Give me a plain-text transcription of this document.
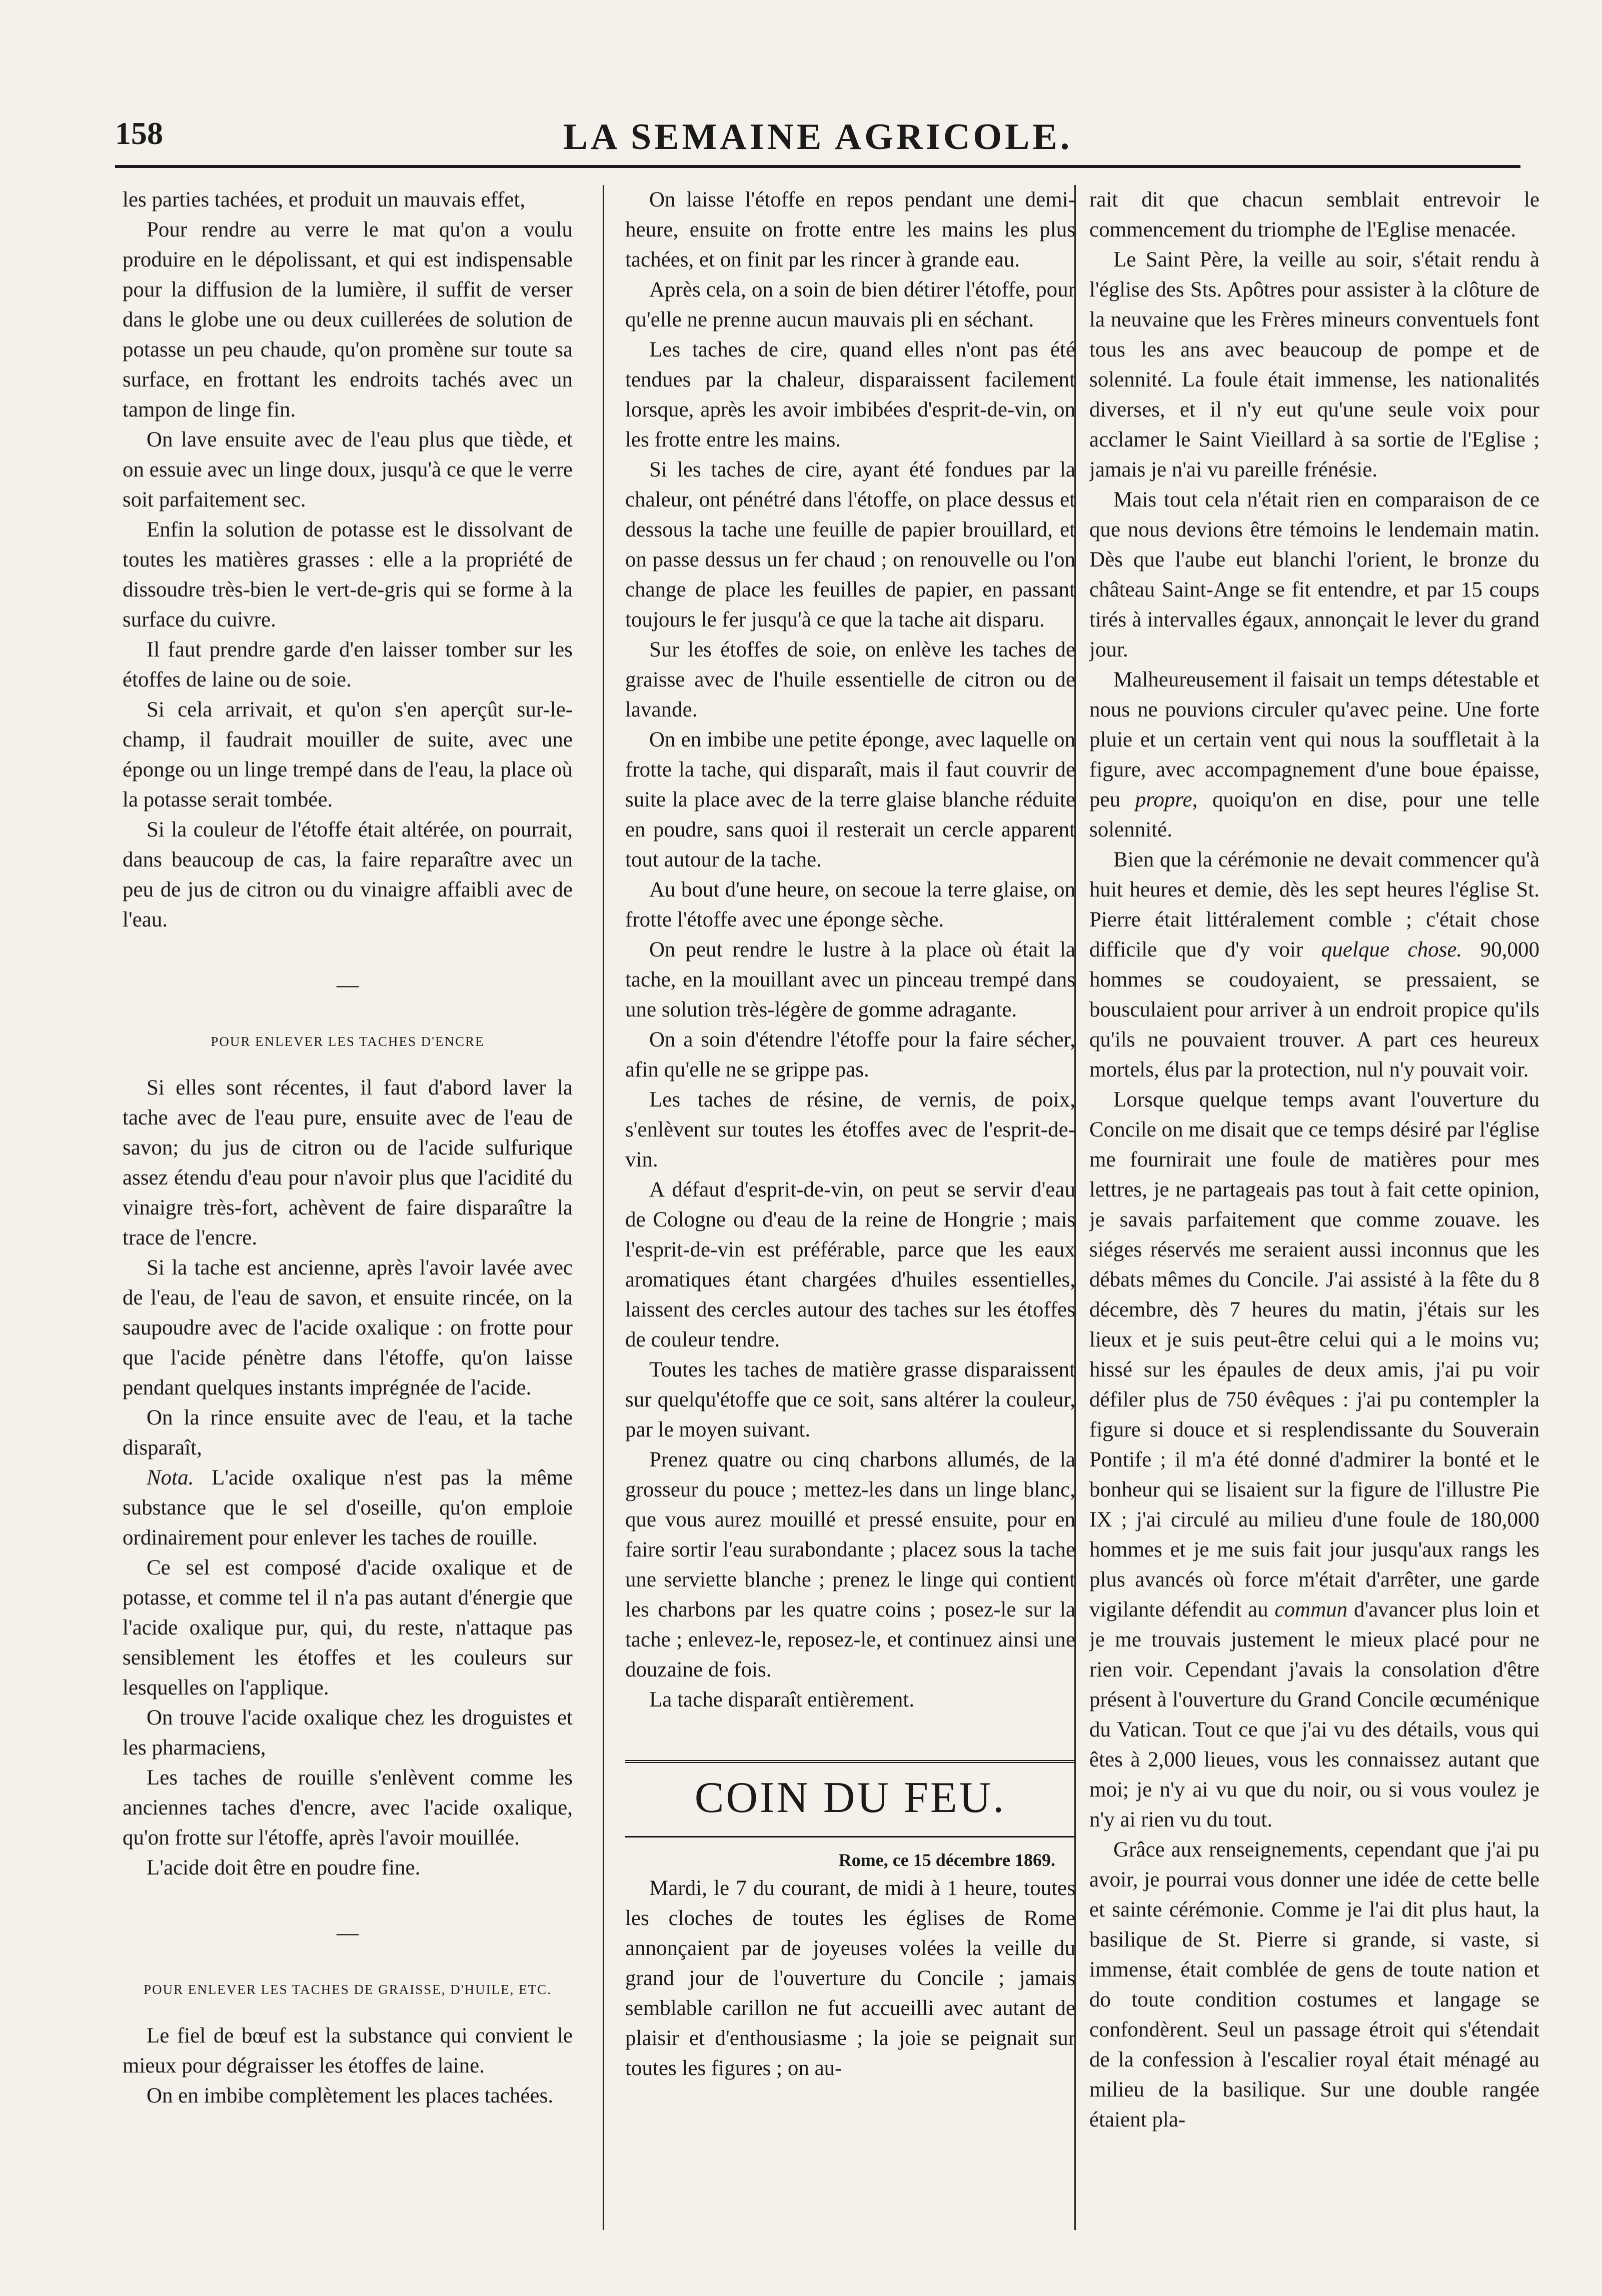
158	LA SEMAINE AGRICOLE.

les parties tachées, et produit un mauvais effet,

Pour rendre au verre le mat qu'on a voulu produire en le dépolissant, et qui est indispensable pour la diffusion de la lumière, il suffit de verser dans le globe une ou deux cuillerées de solution de potasse un peu chaude, qu'on promène sur toute sa surface, en frottant les endroits tachés avec un tampon de linge fin.

On lave ensuite avec de l'eau plus que tiède, et on essuie avec un linge doux, jusqu'à ce que le verre soit parfaitement sec.

Enfin la solution de potasse est le dissolvant de toutes les matières grasses : elle a la propriété de dissoudre très-bien le vert-de-gris qui se forme à la surface du cuivre.

Il faut prendre garde d'en laisser tomber sur les étoffes de laine ou de soie.

Si cela arrivait, et qu'on s'en aperçût sur-le-champ, il faudrait mouiller de suite, avec une éponge ou un linge trempé dans de l'eau, la place où la potasse serait tombée.

Si la couleur de l'étoffe était altérée, on pourrait, dans beaucoup de cas, la faire reparaître avec un peu de jus de citron ou du vinaigre affaibli avec de l'eau.

—
POUR ENLEVER LES TACHES D'ENCRE

Si elles sont récentes, il faut d'abord laver la tache avec de l'eau pure, ensuite avec de l'eau de savon; du jus de citron ou de l'acide sulfurique assez étendu d'eau pour n'avoir plus que l'acidité du vinaigre très-fort, achèvent de faire disparaître la trace de l'encre.

Si la tache est ancienne, après l'avoir lavée avec de l'eau, de l'eau de savon, et ensuite rincée, on la saupoudre avec de l'acide oxalique : on frotte pour que l'acide pénètre dans l'étoffe, qu'on laisse pendant quelques instants imprégnée de l'acide.

On la rince ensuite avec de l'eau, et la tache disparaît,

Nota. L'acide oxalique n'est pas la même substance que le sel d'oseille, qu'on emploie ordinairement pour enlever les taches de rouille.

Ce sel est composé d'acide oxalique et de potasse, et comme tel il n'a pas autant d'énergie que l'acide oxalique pur, qui, du reste, n'attaque pas sensiblement les étoffes et les couleurs sur lesquelles on l'applique.

On trouve l'acide oxalique chez les droguistes et les pharmaciens,

Les taches de rouille s'enlèvent comme les anciennes taches d'encre, avec l'acide oxalique, qu'on frotte sur l'étoffe, après l'avoir mouillée.

L'acide doit être en poudre fine.

—
POUR ENLEVER LES TACHES DE GRAISSE, D'HUILE, ETC.

Le fiel de bœuf est la substance qui convient le mieux pour dégraisser les étoffes de laine.

On en imbibe complètement les places tachées.

On laisse l'étoffe en repos pendant une demi-heure, ensuite on frotte entre les mains les plus tachées, et on finit par les rincer à grande eau.

Après cela, on a soin de bien détirer l'étoffe, pour qu'elle ne prenne aucun mauvais pli en séchant.

Les taches de cire, quand elles n'ont pas été tendues par la chaleur, disparaissent facilement lorsque, après les avoir imbibées d'esprit-de-vin, on les frotte entre les mains.

Si les taches de cire, ayant été fondues par la chaleur, ont pénétré dans l'étoffe, on place dessus et dessous la tache une feuille de papier brouillard, et on passe dessus un fer chaud ; on renouvelle ou l'on change de place les feuilles de papier, en passant toujours le fer jusqu'à ce que la tache ait disparu.

Sur les étoffes de soie, on enlève les taches de graisse avec de l'huile essentielle de citron ou de lavande.

On en imbibe une petite éponge, avec laquelle on frotte la tache, qui disparaît, mais il faut couvrir de suite la place avec de la terre glaise blanche réduite en poudre, sans quoi il resterait un cercle apparent tout autour de la tache.

Au bout d'une heure, on secoue la terre glaise, on frotte l'étoffe avec une éponge sèche.

On peut rendre le lustre à la place où était la tache, en la mouillant avec un pinceau trempé dans une solution très-légère de gomme adragante.

On a soin d'étendre l'étoffe pour la faire sécher, afin qu'elle ne se grippe pas.

Les taches de résine, de vernis, de poix, s'enlèvent sur toutes les étoffes avec de l'esprit-de-vin.

A défaut d'esprit-de-vin, on peut se servir d'eau de Cologne ou d'eau de la reine de Hongrie ; mais l'esprit-de-vin est préférable, parce que les eaux aromatiques étant chargées d'huiles essentielles, laissent des cercles autour des taches sur les étoffes de couleur tendre.

Toutes les taches de matière grasse disparaissent sur quelqu'étoffe que ce soit, sans altérer la couleur, par le moyen suivant.

Prenez quatre ou cinq charbons allumés, de la grosseur du pouce ; mettez-les dans un linge blanc, que vous aurez mouillé et pressé ensuite, pour en faire sortir l'eau surabondante ; placez sous la tache une serviette blanche ; prenez le linge qui contient les charbons par les quatre coins ; posez-le sur la tache ; enlevez-le, reposez-le, et continuez ainsi une douzaine de fois.

La tache disparaît entièrement.

COIN DU FEU.
Rome, ce 15 décembre 1869.

Mardi, le 7 du courant, de midi à 1 heure, toutes les cloches de toutes les églises de Rome annonçaient par de joyeuses volées la veille du grand jour de l'ouverture du Concile ; jamais semblable carillon ne fut accueilli avec autant de plaisir et d'enthousiasme ; la joie se peignait sur toutes les figures ; on au-

rait dit que chacun semblait entrevoir le commencement du triomphe de l'Eglise menacée.

Le Saint Père, la veille au soir, s'était rendu à l'église des Sts. Apôtres pour assister à la clôture de la neuvaine que les Frères mineurs conventuels font tous les ans avec beaucoup de pompe et de solennité. La foule était immense, les nationalités diverses, et il n'y eut qu'une seule voix pour acclamer le Saint Vieillard à sa sortie de l'Eglise ; jamais je n'ai vu pareille frénésie.

Mais tout cela n'était rien en comparaison de ce que nous devions être témoins le lendemain matin. Dès que l'aube eut blanchi l'orient, le bronze du château Saint-Ange se fit entendre, et par 15 coups tirés à intervalles égaux, annonçait le lever du grand jour.

Malheureusement il faisait un temps détestable et nous ne pouvions circuler qu'avec peine. Une forte pluie et un certain vent qui nous la souffletait à la figure, avec accompagnement d'une boue épaisse, peu propre, quoiqu'on en dise, pour une telle solennité.

Bien que la cérémonie ne devait commencer qu'à huit heures et demie, dès les sept heures l'église St. Pierre était littéralement comble ; c'était chose difficile que d'y voir quelque chose. 90,000 hommes se coudoyaient, se pressaient, se bousculaient pour arriver à un endroit propice qu'ils qu'ils ne pouvaient trouver. A part ces heureux mortels, élus par la protection, nul n'y pouvait voir.

Lorsque quelque temps avant l'ouverture du Concile on me disait que ce temps désiré par l'église me fournirait une foule de matières pour mes lettres, je ne partageais pas tout à fait cette opinion, je savais parfaitement que comme zouave. les siéges réservés me seraient aussi inconnus que les débats mêmes du Concile. J'ai assisté à la fête du 8 décembre, dès 7 heures du matin, j'étais sur les lieux et je suis peut-être celui qui a le moins vu; hissé sur les épaules de deux amis, j'ai pu voir défiler plus de 750 évêques : j'ai pu contempler la figure si douce et si resplendissante du Souverain Pontife ; il m'a été donné d'admirer la bonté et le bonheur qui se lisaient sur la figure de l'illustre Pie IX ; j'ai circulé au milieu d'une foule de 180,000 hommes et je me suis fait jour jusqu'aux rangs les plus avancés où force m'était d'arrêter, une garde vigilante défendit au commun d'avancer plus loin et je me trouvais justement le mieux placé pour ne rien voir. Cependant j'avais la consolation d'être présent à l'ouverture du Grand Concile œcuménique du Vatican. Tout ce que j'ai vu des détails, vous qui êtes à 2,000 lieues, vous les connaissez autant que moi; je n'y ai vu que du noir, ou si vous voulez je n'y ai rien vu du tout.

Grâce aux renseignements, cependant que j'ai pu avoir, je pourrai vous donner une idée de cette belle et sainte cérémonie. Comme je l'ai dit plus haut, la basilique de St. Pierre si grande, si vaste, si immense, était comblée de gens de toute nation et do toute condition costumes et langage se confondèrent. Seul un passage étroit qui s'étendait de la confession à l'escalier royal était ménagé au milieu de la basilique. Sur une double rangée étaient pla-
